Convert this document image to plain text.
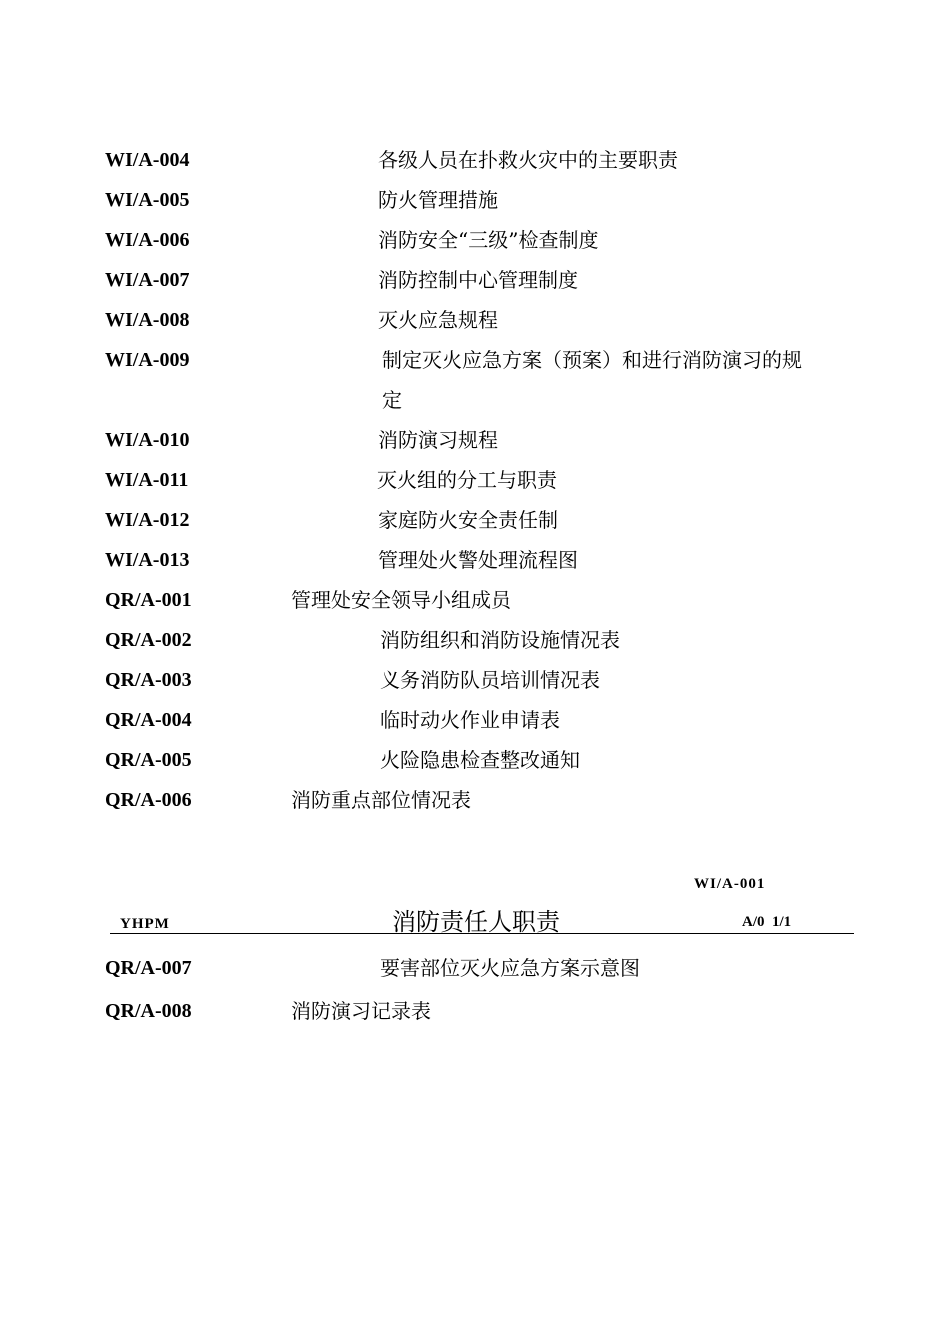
WI/A-004	各级人员在扑救火灾中的主要职责
WI/A-005	防火管理措施
WI/A-006	消防安全“三级”检查制度
WI/A-007	消防控制中心管理制度
WI/A-008	灭火应急规程
WI/A-009	制定灭火应急方案（预案）和进行消防演习的规
定
WI/A-010	消防演习规程
WI/A-011	灭火组的分工与职责
WI/A-012	家庭防火安全责任制
WI/A-013	管理处火警处理流程图
QR/A-001	管理处安全领导小组成员
QR/A-002	消防组织和消防设施情况表
QR/A-003	义务消防队员培训情况表
QR/A-004	临时动火作业申请表
QR/A-005	火险隐患检查整改通知
QR/A-006	消防重点部位情况表
WI/A-001
YHPM	消防责任人职责	A/0  1/1
QR/A-007	要害部位灭火应急方案示意图
QR/A-008	消防演习记录表
